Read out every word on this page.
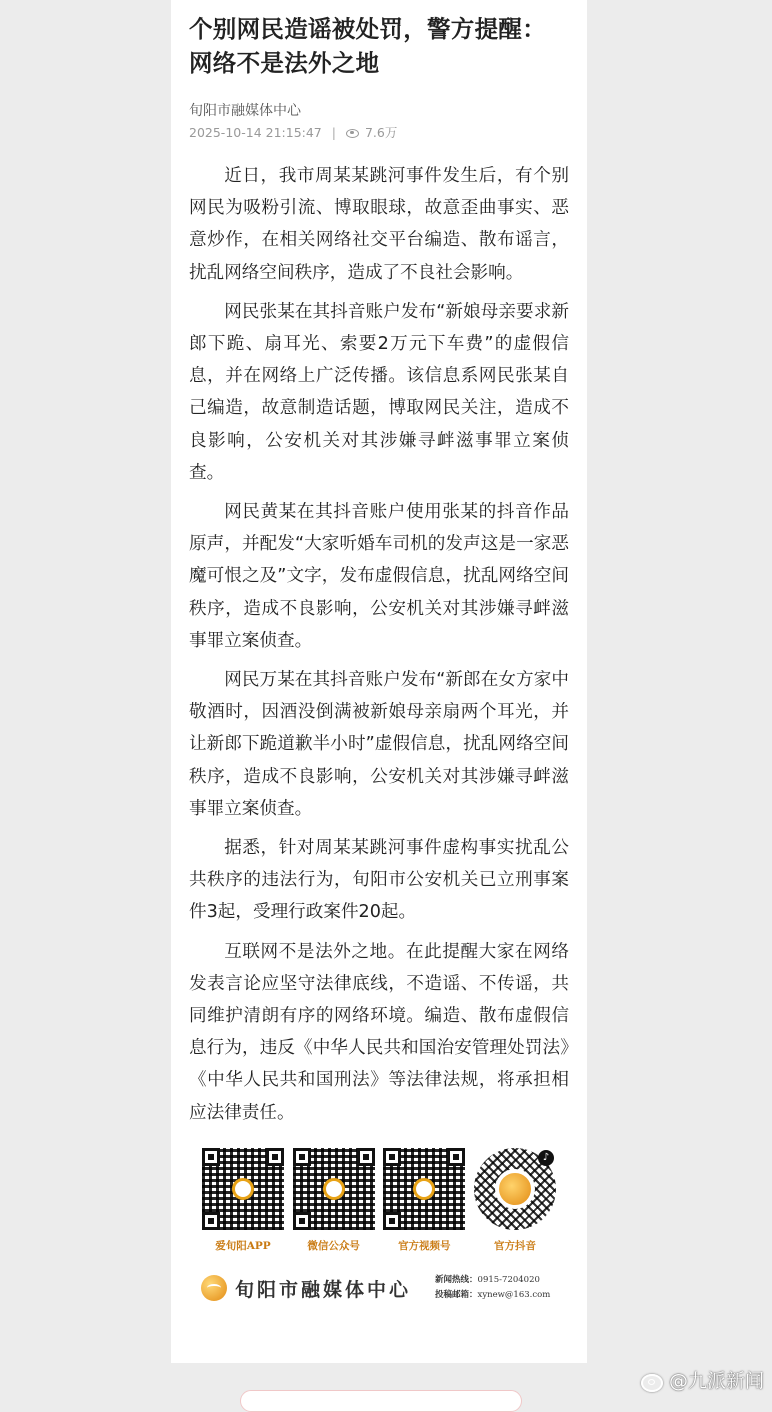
个别网民造谣被处罚，警方提醒：网络不是法外之地
旬阳市融媒体中心
2025-10-14 21:15:47 | 7.6万

近日，我市周某某跳河事件发生后，有个别网民为吸粉引流、博取眼球，故意歪曲事实、恶意炒作，在相关网络社交平台编造、散布谣言，扰乱网络空间秩序，造成了不良社会影响。

网民张某在其抖音账户发布“新娘母亲要求新郎下跪、扇耳光、索要2万元下车费”的虚假信息，并在网络上广泛传播。该信息系网民张某自己编造，故意制造话题，博取网民关注，造成不良影响，公安机关对其涉嫌寻衅滋事罪立案侦查。

网民黄某在其抖音账户使用张某的抖音作品原声，并配发“大家听婚车司机的发声这是一家恶魔可恨之及”文字，发布虚假信息，扰乱网络空间秩序，造成不良影响，公安机关对其涉嫌寻衅滋事罪立案侦查。

网民万某在其抖音账户发布“新郎在女方家中敬酒时，因酒没倒满被新娘母亲扇两个耳光，并让新郎下跪道歉半小时”虚假信息，扰乱网络空间秩序，造成不良影响，公安机关对其涉嫌寻衅滋事罪立案侦查。

据悉，针对周某某跳河事件虚构事实扰乱公共秩序的违法行为，旬阳市公安机关已立刑事案件3起，受理行政案件20起。

互联网不是法外之地。在此提醒大家在网络发表言论应坚守法律底线，不造谣、不传谣，共同维护清朗有序的网络环境。编造、散布虚假信息行为，违反《中华人民共和国治安管理处罚法》《中华人民共和国刑法》等法律法规，将承担相应法律责任。

爱旬阳APP	微信公众号	官方视频号
♪
官方抖音
旬阳市融媒体中心	新闻热线：0915-7204020
投稿邮箱：xynew@163.com
@九派新闻
